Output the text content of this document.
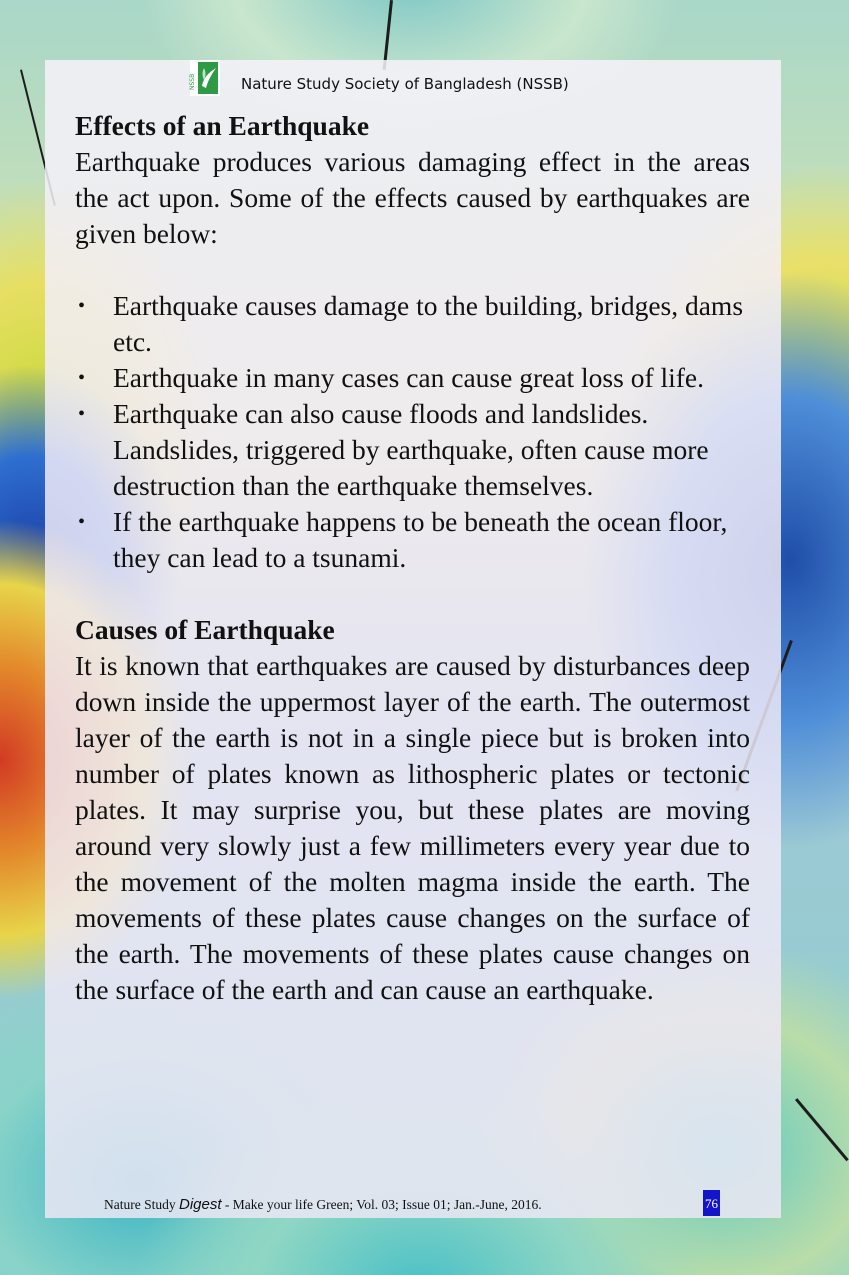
NSSB	Nature Study Society of Bangladesh (NSSB)
Effects of an Earthquake

Earthquake produces various damaging effect in the areas the act upon. Some of the effects caused by earthquakes are given below:

• Earthquake causes damage to the building, bridges, dams etc.
• Earthquake in many cases can cause great loss of life.
• Earthquake can also cause floods and landslides. Landslides, triggered by earthquake, often cause more destruction than the earthquake themselves.
• If the earthquake happens to be beneath the ocean floor, they can lead to a tsunami.
Causes of Earthquake

It is known that earthquakes are caused by disturbances deep down inside the uppermost layer of the earth. The outermost layer of the earth is not in a single piece but is broken into number of plates known as lithospheric plates or tectonic plates. It may surprise you, but these plates are moving around very slowly just a few millimeters every year due to the movement of the molten magma inside the earth. The movements of these plates cause changes on the surface of the earth. The movements of these plates cause changes on the surface of the earth and can cause an earthquake.

Nature Study Digest - Make your life Green; Vol. 03; Issue 01; Jan.-June, 2016.	76
